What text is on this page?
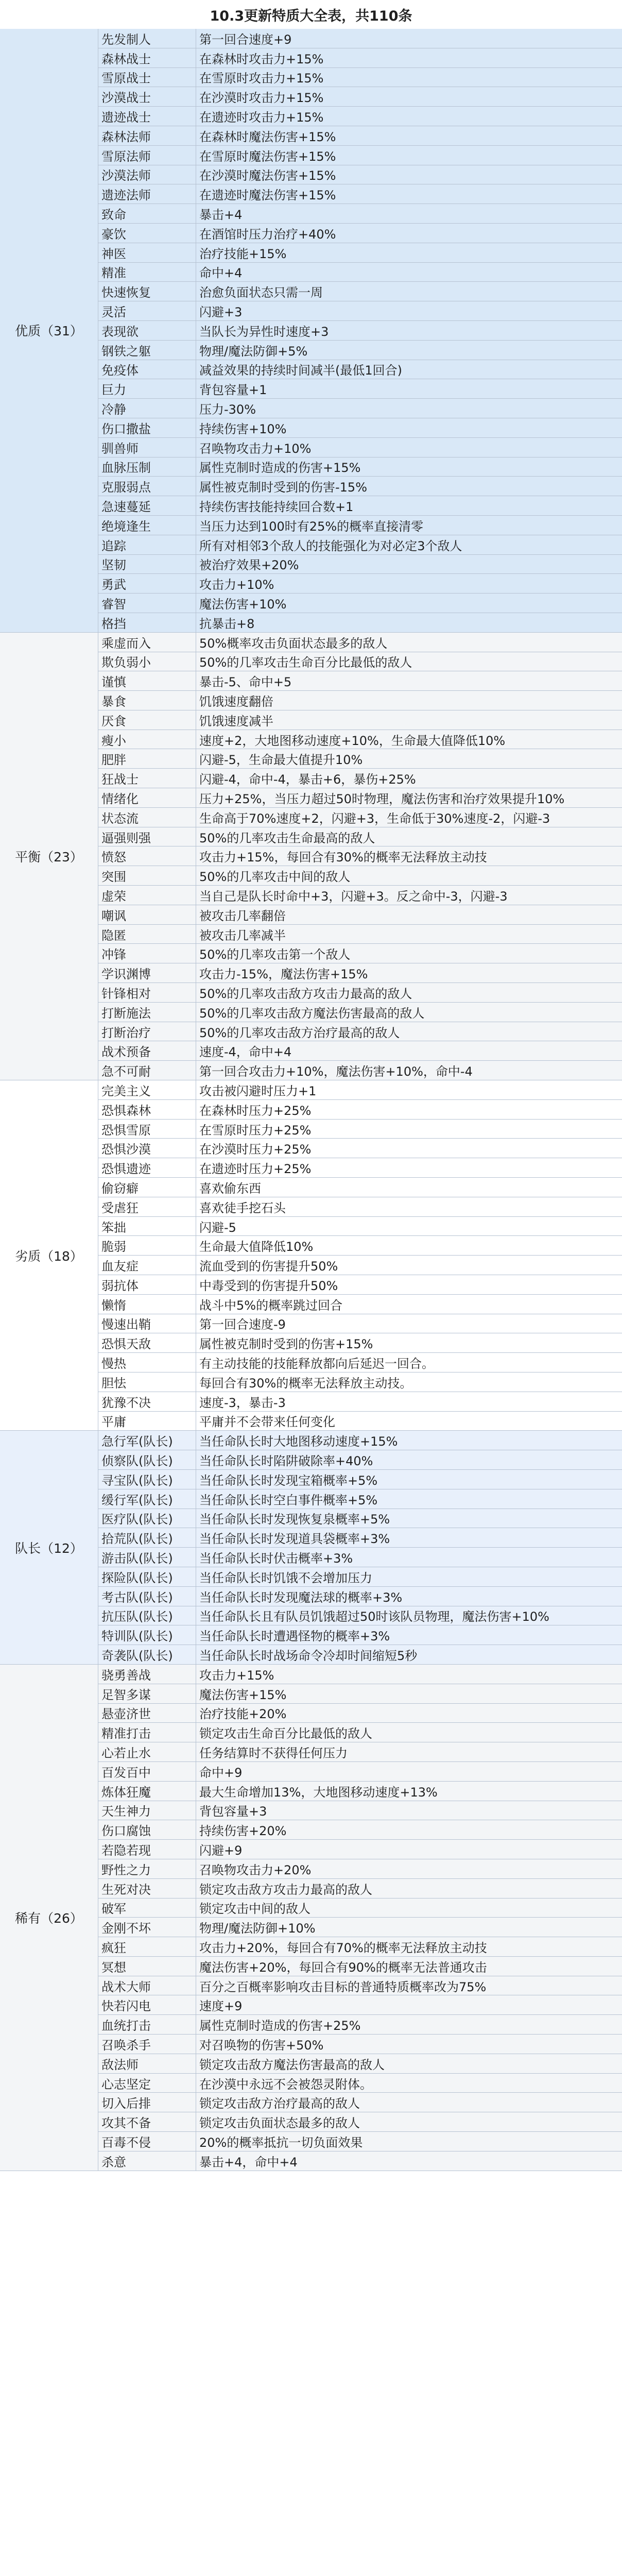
10.3更新特质大全表，共110条
优质（31）
先发制人	第一回合速度+9
森林战士	在森林时攻击力+15%
雪原战士	在雪原时攻击力+15%
沙漠战士	在沙漠时攻击力+15%
遗迹战士	在遗迹时攻击力+15%
森林法师	在森林时魔法伤害+15%
雪原法师	在雪原时魔法伤害+15%
沙漠法师	在沙漠时魔法伤害+15%
遗迹法师	在遗迹时魔法伤害+15%
致命	暴击+4
豪饮	在酒馆时压力治疗+40%
神医	治疗技能+15%
精准	命中+4
快速恢复	治愈负面状态只需一周
灵活	闪避+3
表现欲	当队长为异性时速度+3
钢铁之躯	物理/魔法防御+5%
免疫体	减益效果的持续时间减半(最低1回合)
巨力	背包容量+1
冷静	压力-30%
伤口撒盐	持续伤害+10%
驯兽师	召唤物攻击力+10%
血脉压制	属性克制时造成的伤害+15%
克服弱点	属性被克制时受到的伤害-15%
急速蔓延	持续伤害技能持续回合数+1
绝境逢生	当压力达到100时有25%的概率直接清零
追踪	所有对相邻3个敌人的技能强化为对必定3个敌人
坚韧	被治疗效果+20%
勇武	攻击力+10%
睿智	魔法伤害+10%
格挡	抗暴击+8
平衡（23）
乘虚而入	50%概率攻击负面状态最多的敌人
欺负弱小	50%的几率攻击生命百分比最低的敌人
谨慎	暴击-5、命中+5
暴食	饥饿速度翻倍
厌食	饥饿速度减半
瘦小	速度+2，大地图移动速度+10%，生命最大值降低10%
肥胖	闪避-5，生命最大值提升10%
狂战士	闪避-4，命中-4，暴击+6，暴伤+25%
情绪化	压力+25%，当压力超过50时物理，魔法伤害和治疗效果提升10%
状态流	生命高于70%速度+2，闪避+3，生命低于30%速度-2，闪避-3
逼强则强	50%的几率攻击生命最高的敌人
愤怒	攻击力+15%，每回合有30%的概率无法释放主动技
突围	50%的几率攻击中间的敌人
虚荣	当自己是队长时命中+3，闪避+3。反之命中-3，闪避-3
嘲讽	被攻击几率翻倍
隐匿	被攻击几率减半
冲锋	50%的几率攻击第一个敌人
学识渊博	攻击力-15%，魔法伤害+15%
针锋相对	50%的几率攻击敌方攻击力最高的敌人
打断施法	50%的几率攻击敌方魔法伤害最高的敌人
打断治疗	50%的几率攻击敌方治疗最高的敌人
战术预备	速度-4，命中+4
急不可耐	第一回合攻击力+10%，魔法伤害+10%，命中-4
劣质（18）
完美主义	攻击被闪避时压力+1
恐惧森林	在森林时压力+25%
恐惧雪原	在雪原时压力+25%
恐惧沙漠	在沙漠时压力+25%
恐惧遗迹	在遗迹时压力+25%
偷窃癖	喜欢偷东西
受虐狂	喜欢徒手挖石头
笨拙	闪避-5
脆弱	生命最大值降低10%
血友症	流血受到的伤害提升50%
弱抗体	中毒受到的伤害提升50%
懒惰	战斗中5%的概率跳过回合
慢速出鞘	第一回合速度-9
恐惧天敌	属性被克制时受到的伤害+15%
慢热	有主动技能的技能释放都向后延迟一回合。
胆怯	每回合有30%的概率无法释放主动技。
犹豫不决	速度-3，暴击-3
平庸	平庸并不会带来任何变化
队长（12）
急行军(队长)	当任命队长时大地图移动速度+15%
侦察队(队长)	当任命队长时陷阱破除率+40%
寻宝队(队长)	当任命队长时发现宝箱概率+5%
缓行军(队长)	当任命队长时空白事件概率+5%
医疗队(队长)	当任命队长时发现恢复泉概率+5%
拾荒队(队长)	当任命队长时发现道具袋概率+3%
游击队(队长)	当任命队长时伏击概率+3%
探险队(队长)	当任命队长时饥饿不会增加压力
考古队(队长)	当任命队长时发现魔法球的概率+3%
抗压队(队长)	当任命队长且有队员饥饿超过50时该队员物理，魔法伤害+10%
特训队(队长)	当任命队长时遭遇怪物的概率+3%
奇袭队(队长)	当任命队长时战场命令冷却时间缩短5秒
稀有（26）
骁勇善战	攻击力+15%
足智多谋	魔法伤害+15%
悬壶济世	治疗技能+20%
精准打击	锁定攻击生命百分比最低的敌人
心若止水	任务结算时不获得任何压力
百发百中	命中+9
炼体狂魔	最大生命增加13%，大地图移动速度+13%
天生神力	背包容量+3
伤口腐蚀	持续伤害+20%
若隐若现	闪避+9
野性之力	召唤物攻击力+20%
生死对决	锁定攻击敌方攻击力最高的敌人
破军	锁定攻击中间的敌人
金刚不坏	物理/魔法防御+10%
疯狂	攻击力+20%，每回合有70%的概率无法释放主动技
冥想	魔法伤害+20%，每回合有90%的概率无法普通攻击
战术大师	百分之百概率影响攻击目标的普通特质概率改为75%
快若闪电	速度+9
血统打击	属性克制时造成的伤害+25%
召唤杀手	对召唤物的伤害+50%
敌法师	锁定攻击敌方魔法伤害最高的敌人
心志坚定	在沙漠中永远不会被怨灵附体。
切入后排	锁定攻击敌方治疗最高的敌人
攻其不备	锁定攻击负面状态最多的敌人
百毒不侵	20%的概率抵抗一切负面效果
杀意	暴击+4，命中+4
